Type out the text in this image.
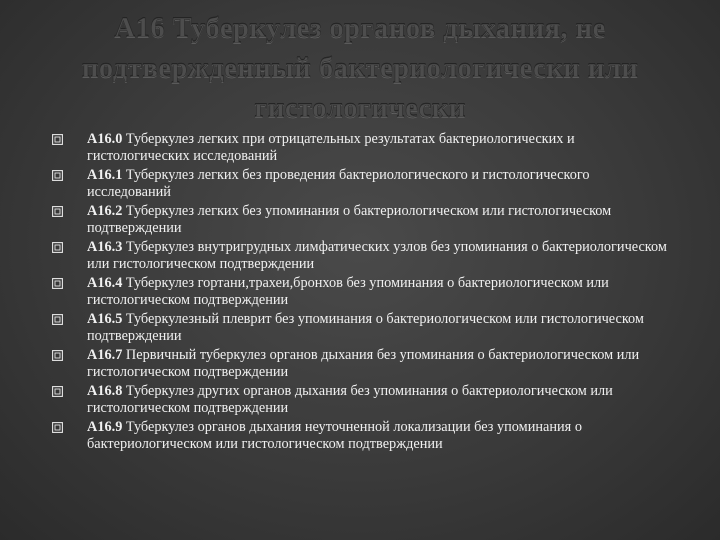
A16 Туберкулез органов дыхания, не подтвержденный бактериологически или гистологически
A16.0 Туберкулез легких при отрицательных результатах бактериологических и гистологических исследований
A16.1 Туберкулез легких без проведения бактериологического и гистологического исследований
A16.2 Туберкулез легких без упоминания о бактериологическом или гистологическом подтверждении
A16.3 Туберкулез внутригрудных лимфатических узлов без упоминания о бактериологическом или гистологическом подтверждении
A16.4 Туберкулез гортани,трахеи,бронхов без упоминания о бактериологическом или гистологическом подтверждении
A16.5 Туберкулезный плеврит без упоминания о бактериологическом или гистологическом подтверждении
A16.7 Первичный туберкулез органов дыхания без упоминания о бактериологическом или гистологическом подтверждении
A16.8 Туберкулез других органов дыхания без упоминания о бактериологическом или гистологическом подтверждении
A16.9 Туберкулез органов дыхания неуточненной локализации без упоминания о бактериологическом или гистологическом подтверждении
